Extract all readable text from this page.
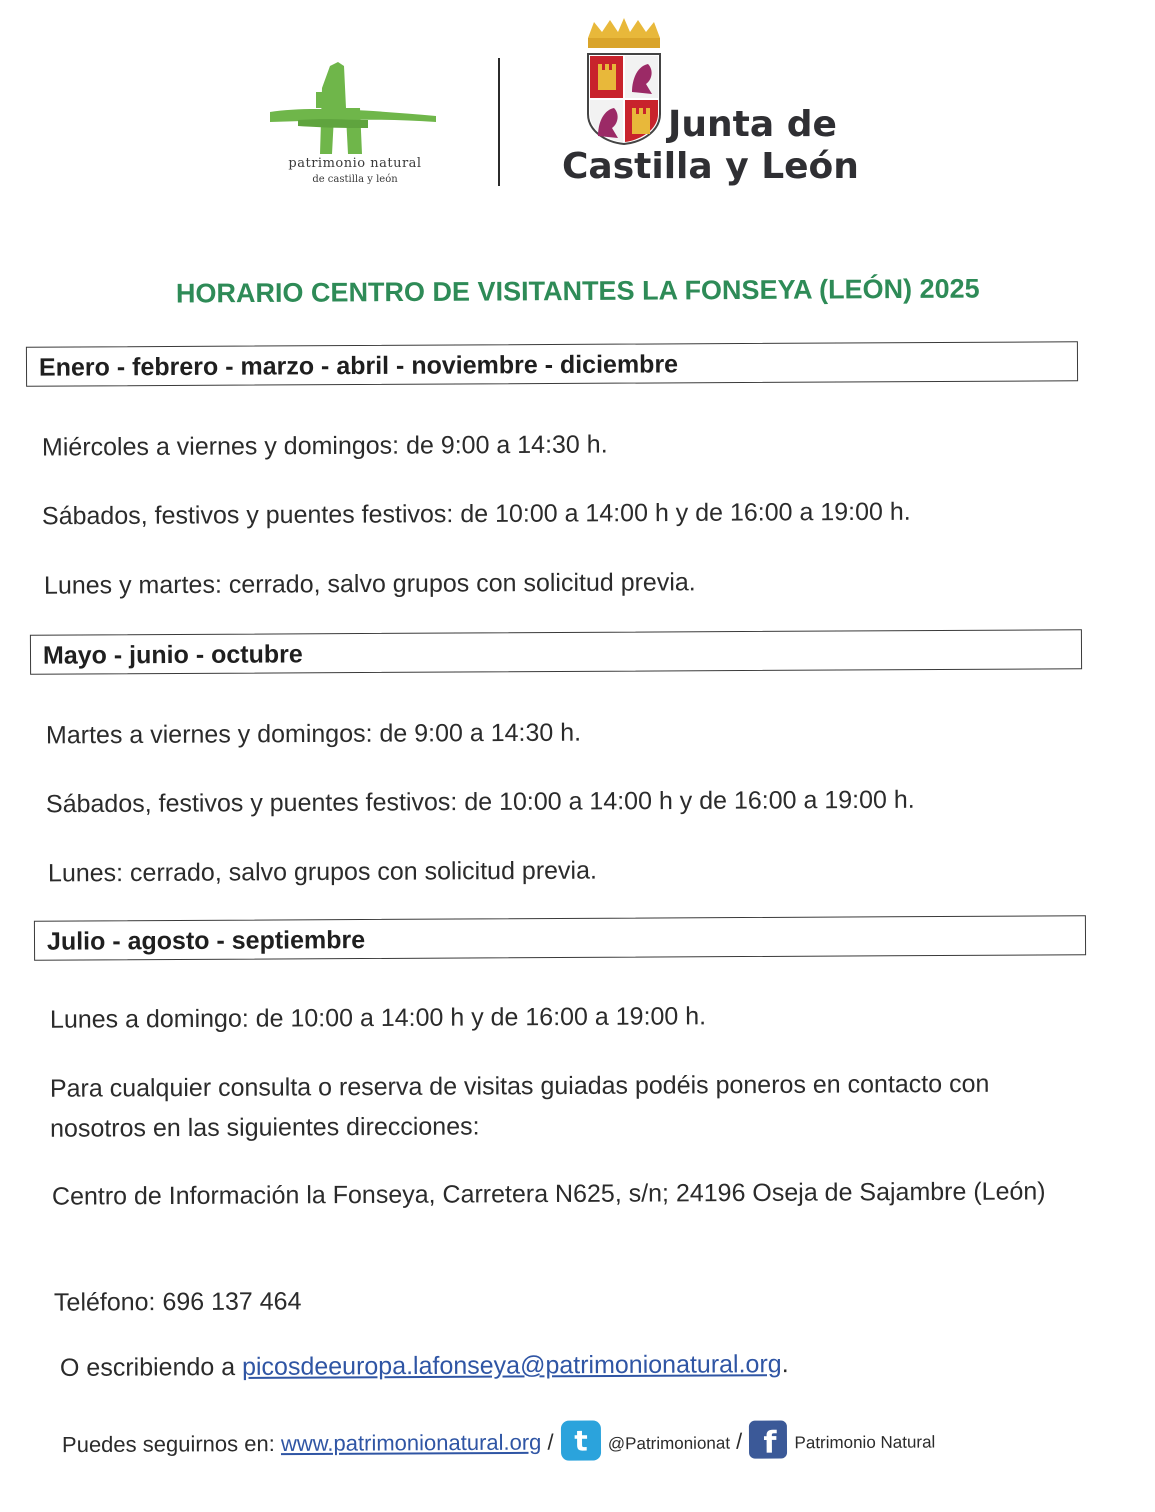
patrimonio natural
de castilla y león
Junta de
Castilla y León
HORARIO CENTRO DE VISITANTES LA FONSEYA (LEÓN) 2025
Enero - febrero - marzo - abril - noviembre - diciembre
Miércoles a viernes y domingos: de 9:00 a 14:30 h.
Sábados, festivos y puentes festivos: de 10:00 a 14:00 h y de 16:00 a 19:00 h.
Lunes y martes: cerrado, salvo grupos con solicitud previa.
Mayo - junio - octubre
Martes a viernes y domingos: de 9:00 a 14:30 h.
Sábados, festivos y puentes festivos: de 10:00 a 14:00 h y de 16:00 a 19:00 h.
Lunes: cerrado, salvo grupos con solicitud previa.
Julio - agosto - septiembre
Lunes a domingo: de 10:00 a 14:00 h y de 16:00 a 19:00 h.
Para cualquier consulta o reserva de visitas guiadas podéis poneros en contacto con nosotros en las siguientes direcciones:
Centro de Información la Fonseya, Carretera N625, s/n; 24196 Oseja de Sajambre (León)
Teléfono: 696 137 464
O escribiendo a picosdeeuropa.lafonseya@patrimonionatural.org.
Puedes seguirnos en: www.patrimonionatural.org / t @Patrimonionat / f Patrimonio Natural
